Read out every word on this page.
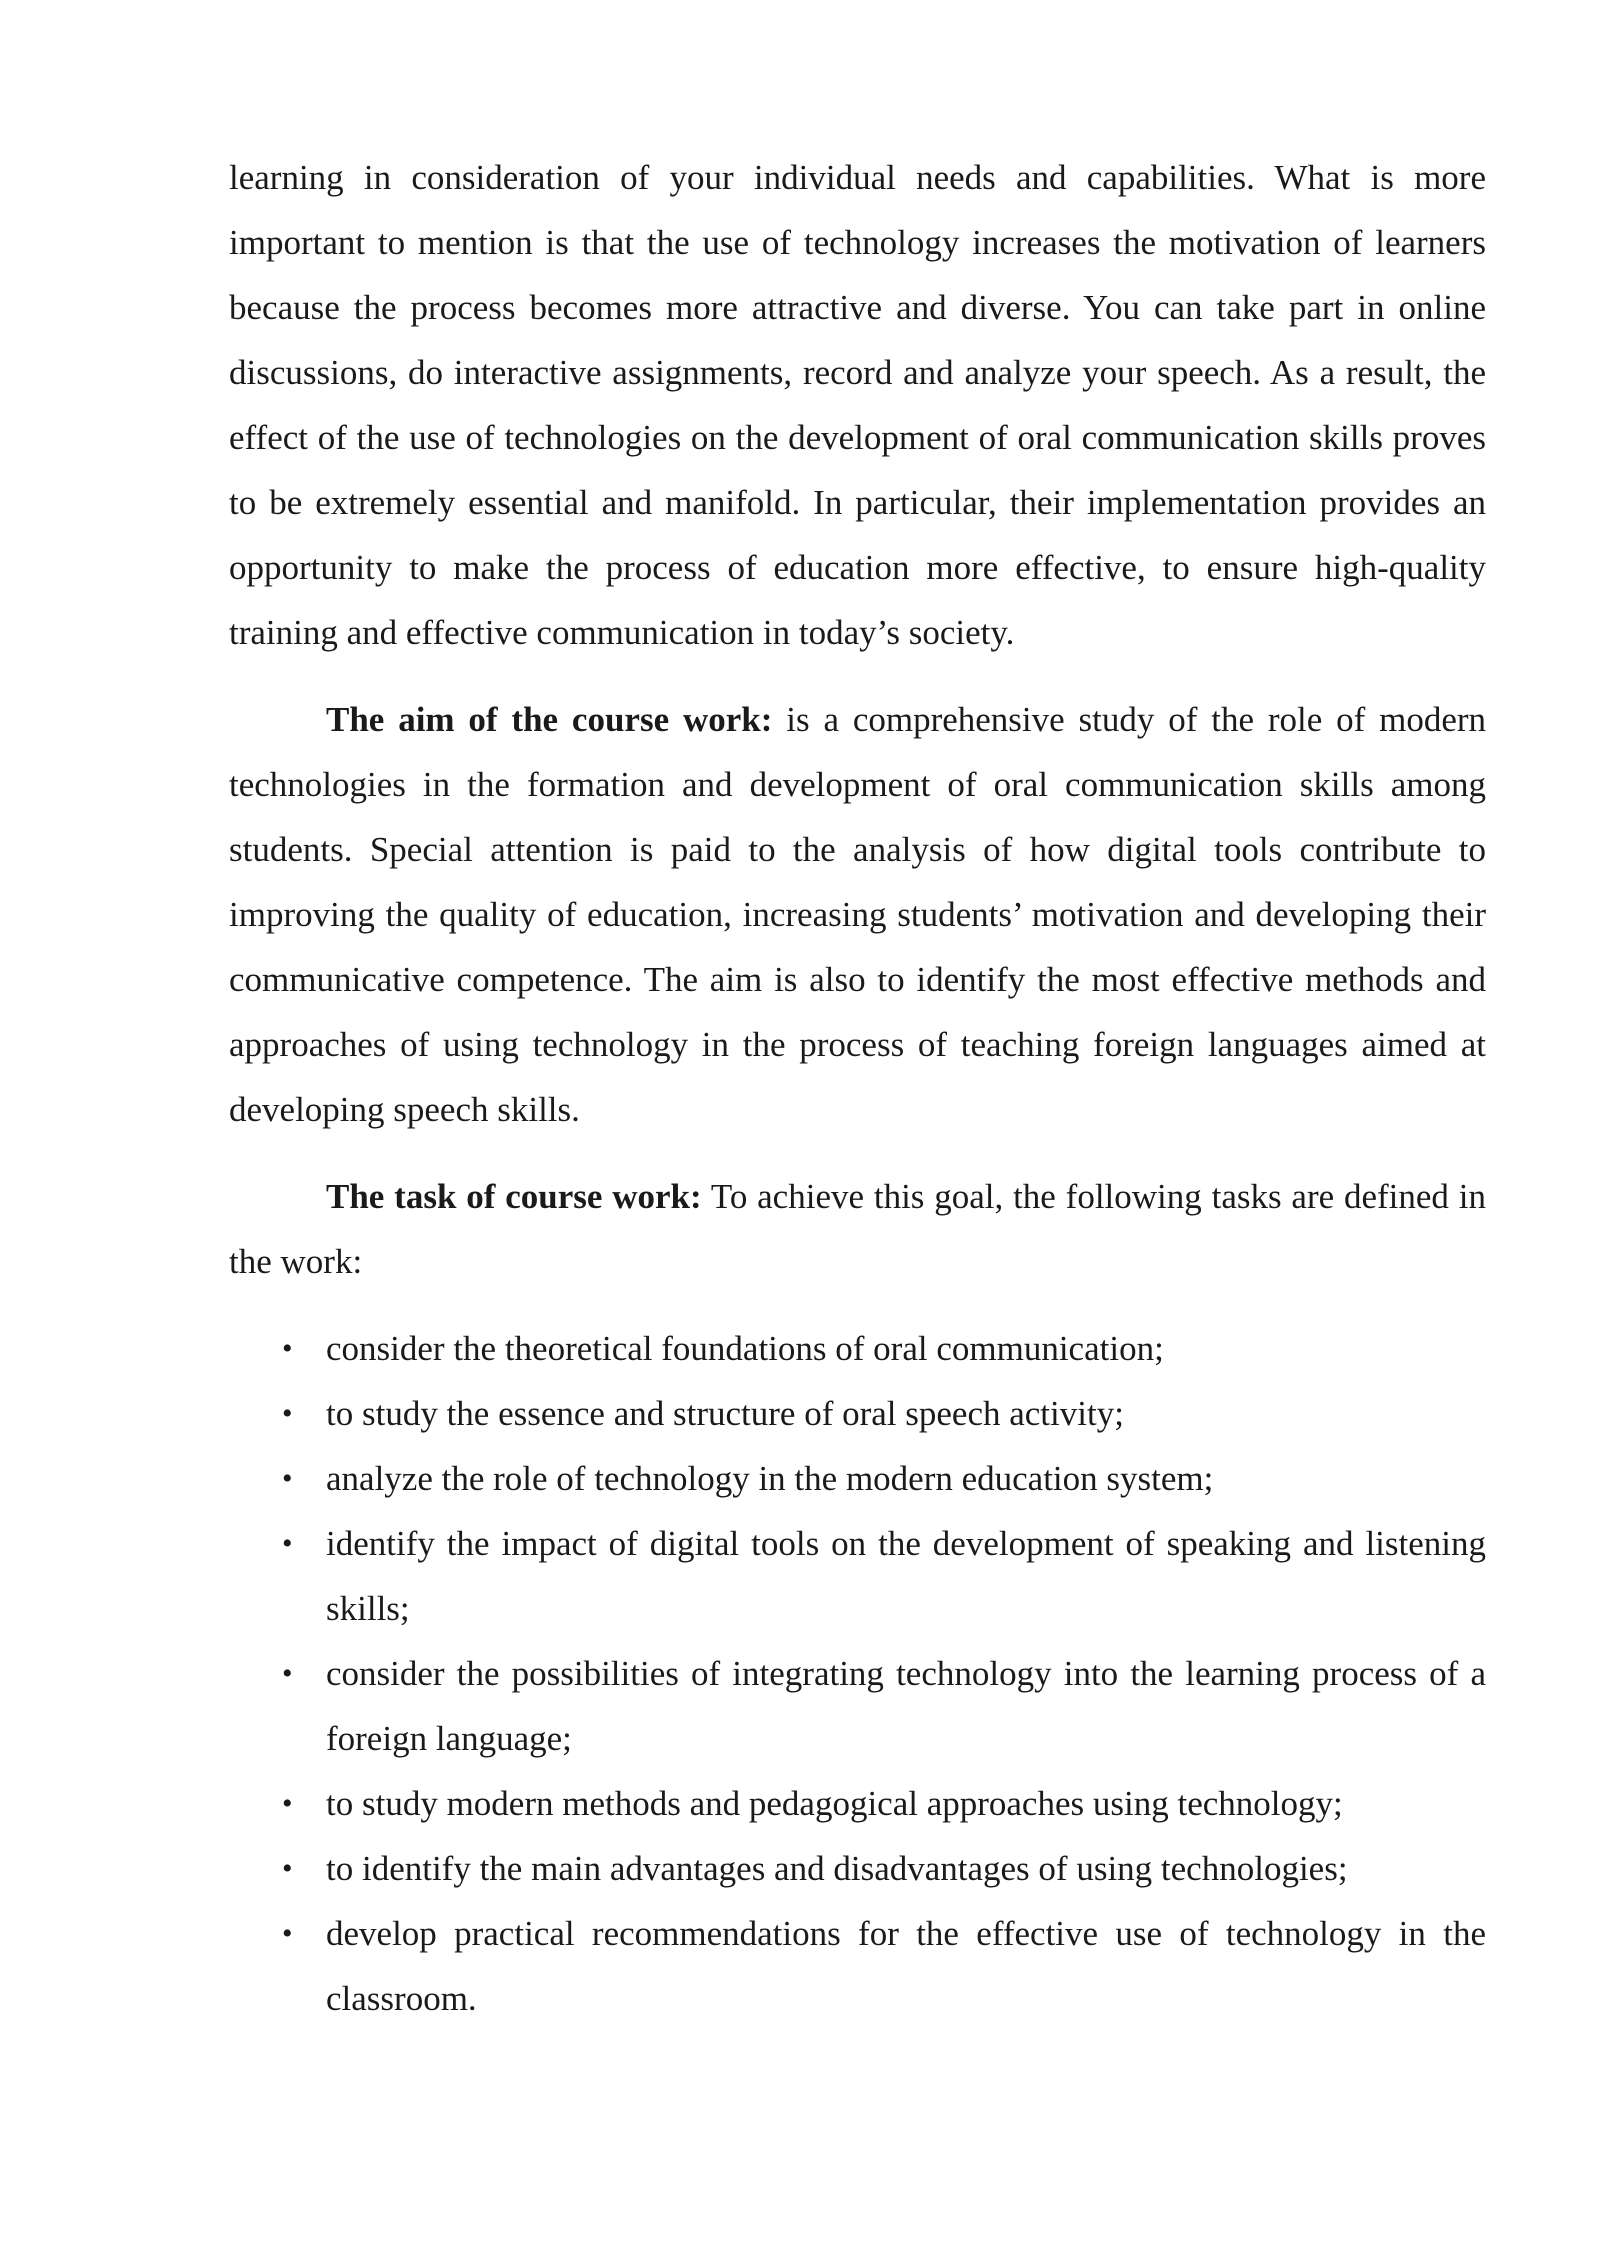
learning in consideration of your individual needs and capabilities. What is more important to mention is that the use of technology increases the motivation of learners because the process becomes more attractive and diverse. You can take part in online discussions, do interactive assignments, record and analyze your speech. As a result, the effect of the use of technologies on the development of oral communication skills proves to be extremely essential and manifold. In particular, their implementation provides an opportunity to make the process of education more effective, to ensure high-quality training and effective communication in today’s society.

The aim of the course work: is a comprehensive study of the role of modern technologies in the formation and development of oral communication skills among students. Special attention is paid to the analysis of how digital tools contribute to improving the quality of education, increasing students’ motivation and developing their communicative competence. The aim is also to identify the most effective methods and approaches of using technology in the process of teaching foreign languages aimed at developing speech skills.

The task of course work: To achieve this goal, the following tasks are defined in the work:

• consider the theoretical foundations of oral communication;
• to study the essence and structure of oral speech activity;
• analyze the role of technology in the modern education system;
• identify the impact of digital tools on the development of speaking and listening skills;
• consider the possibilities of integrating technology into the learning process of a foreign language;
• to study modern methods and pedagogical approaches using technology;
• to identify the main advantages and disadvantages of using technologies;
• develop practical recommendations for the effective use of technology in the classroom.
